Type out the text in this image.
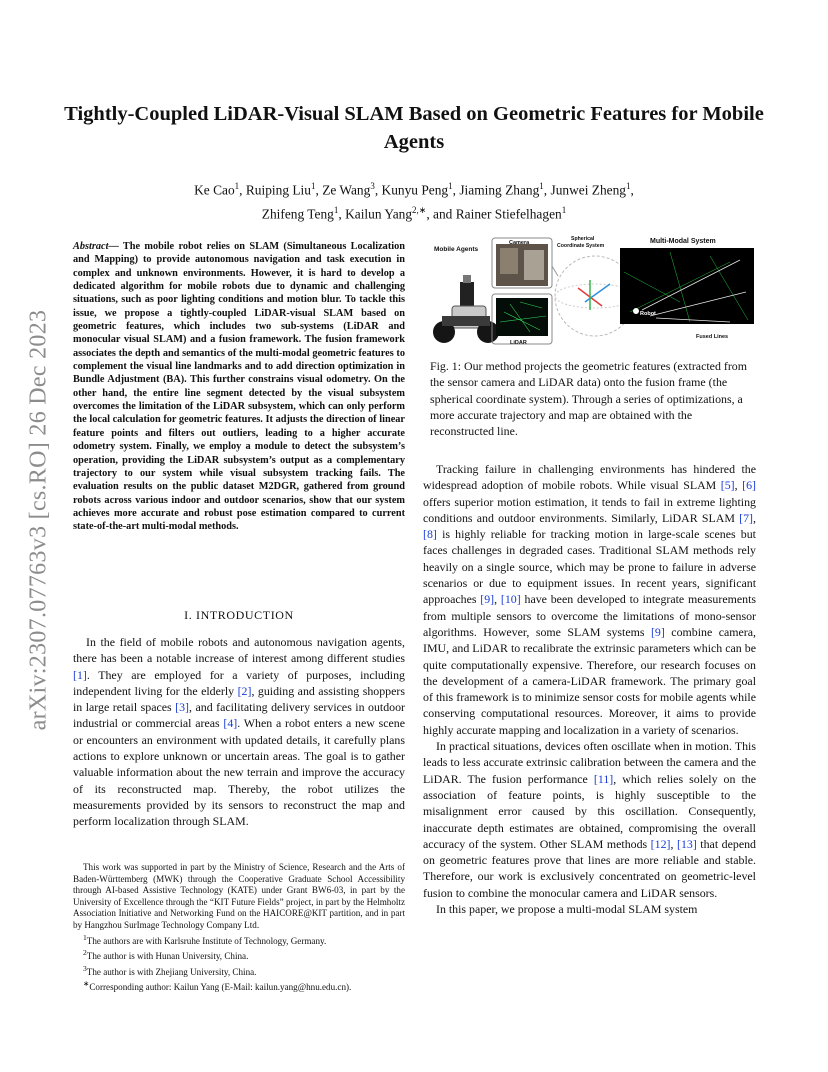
arXiv:2307.07763v3 [cs.RO] 26 Dec 2023
Tightly-Coupled LiDAR-Visual SLAM Based on Geometric Features for Mobile Agents
Ke Cao$^1$, Ruiping Liu$^1$, Ze Wang$^3$, Kunyu Peng$^1$, Jiaming Zhang$^1$, Junwei Zheng$^1$,
Zhifeng Teng$^1$, Kailun Yang$^{2,∗}$, and Rainer Stiefelhagen$^1$
Abstract— The mobile robot relies on SLAM (Simultaneous Localization and Mapping) to provide autonomous navigation and task execution in complex and unknown environments. However, it is hard to develop a dedicated algorithm for mobile robots due to dynamic and challenging situations, such as poor lighting conditions and motion blur. To tackle this issue, we propose a tightly-coupled LiDAR-visual SLAM based on geometric features, which includes two sub-systems (LiDAR and monocular visual SLAM) and a fusion framework. The fusion framework associates the depth and semantics of the multi-modal geometric features to complement the visual line landmarks and to add direction optimization in Bundle Adjustment (BA). This further constrains visual odometry. On the other hand, the entire line segment detected by the visual subsystem overcomes the limitation of the LiDAR subsystem, which can only perform the local calculation for geometric features. It adjusts the direction of linear feature points and filters out outliers, leading to a higher accurate odometry system. Finally, we employ a module to detect the subsystem’s operation, providing the LiDAR subsystem’s output as a complementary trajectory to our system while visual subsystem tracking fails. The evaluation results on the public dataset M2DGR, gathered from ground robots across various indoor and outdoor scenarios, show that our system achieves more accurate and robust pose estimation compared to current state-of-the-art multi-modal methods.
I. INTRODUCTION

In the field of mobile robots and autonomous navigation agents, there has been a notable increase of interest among different studies [1]. They are employed for a variety of purposes, including independent living for the elderly [2], guiding and assisting shoppers in large retail spaces [3], and facilitating delivery services in outdoor industrial or commercial areas [4]. When a robot enters a new scene or encounters an environment with updated details, it carefully plans actions to explore unknown or uncertain areas. The goal is to gather valuable information about the new terrain and improve the accuracy of its reconstructed map. Thereby, the robot utilizes the measurements provided by its sensors to reconstruct the map and perform localization through SLAM.

This work was supported in part by the Ministry of Science, Research and the Arts of Baden-Württemberg (MWK) through the Cooperative Graduate School Accessibility through AI-based Assistive Technology (KATE) under Grant BW6-03, in part by the University of Excellence through the “KIT Future Fields” project, in part by the Helmholtz Association Initiative and Networking Fund on the HAICORE@KIT partition, and in part by Hangzhou SurImage Technology Company Ltd.

$^1$The authors are with Karlsruhe Institute of Technology, Germany.

$^2$The author is with Hunan University, China.

$^3$The author is with Zhejiang University, China.

∗Corresponding author: Kailun Yang (E-Mail: kailun.yang@hnu.edu.cn).

Mobile Agents
Camera
LiDAR
Spherical
Coordinate System
Multi-Modal System
Robot
Fused Lines
Fig. 1: Our method projects the geometric features (extracted from the sensor camera and LiDAR data) onto the fusion frame (the spherical coordinate system). Through a series of optimizations, a more accurate trajectory and map are obtained with the reconstructed line.

Tracking failure in challenging environments has hindered the widespread adoption of mobile robots. While visual SLAM [5], [6] offers superior motion estimation, it tends to fail in extreme lighting conditions and outdoor environments. Similarly, LiDAR SLAM [7], [8] is highly reliable for tracking motion in large-scale scenes but faces challenges in degraded cases. Traditional SLAM methods rely heavily on a single source, which may be prone to failure in adverse scenarios or due to equipment issues. In recent years, significant approaches [9], [10] have been developed to integrate measurements from multiple sensors to overcome the limitations of mono-sensor algorithms. However, some SLAM systems [9] combine camera, IMU, and LiDAR to recalibrate the extrinsic parameters which can be quite computationally expensive. Therefore, our research focuses on the development of a camera-LiDAR framework. The primary goal of this framework is to minimize sensor costs for mobile agents while conserving computational resources. Moreover, it aims to provide highly accurate mapping and localization in a variety of scenarios.

In practical situations, devices often oscillate when in motion. This leads to less accurate extrinsic calibration between the camera and the LiDAR. The fusion performance [11], which relies solely on the association of feature points, is highly susceptible to the misalignment error caused by this oscillation. Consequently, inaccurate depth estimates are obtained, compromising the overall accuracy of the system. Other SLAM methods [12], [13] that depend on geometric features prove that lines are more reliable and stable. Therefore, our work is exclusively concentrated on geometric-level fusion to combine the monocular camera and LiDAR sensors.

In this paper, we propose a multi-modal SLAM system
